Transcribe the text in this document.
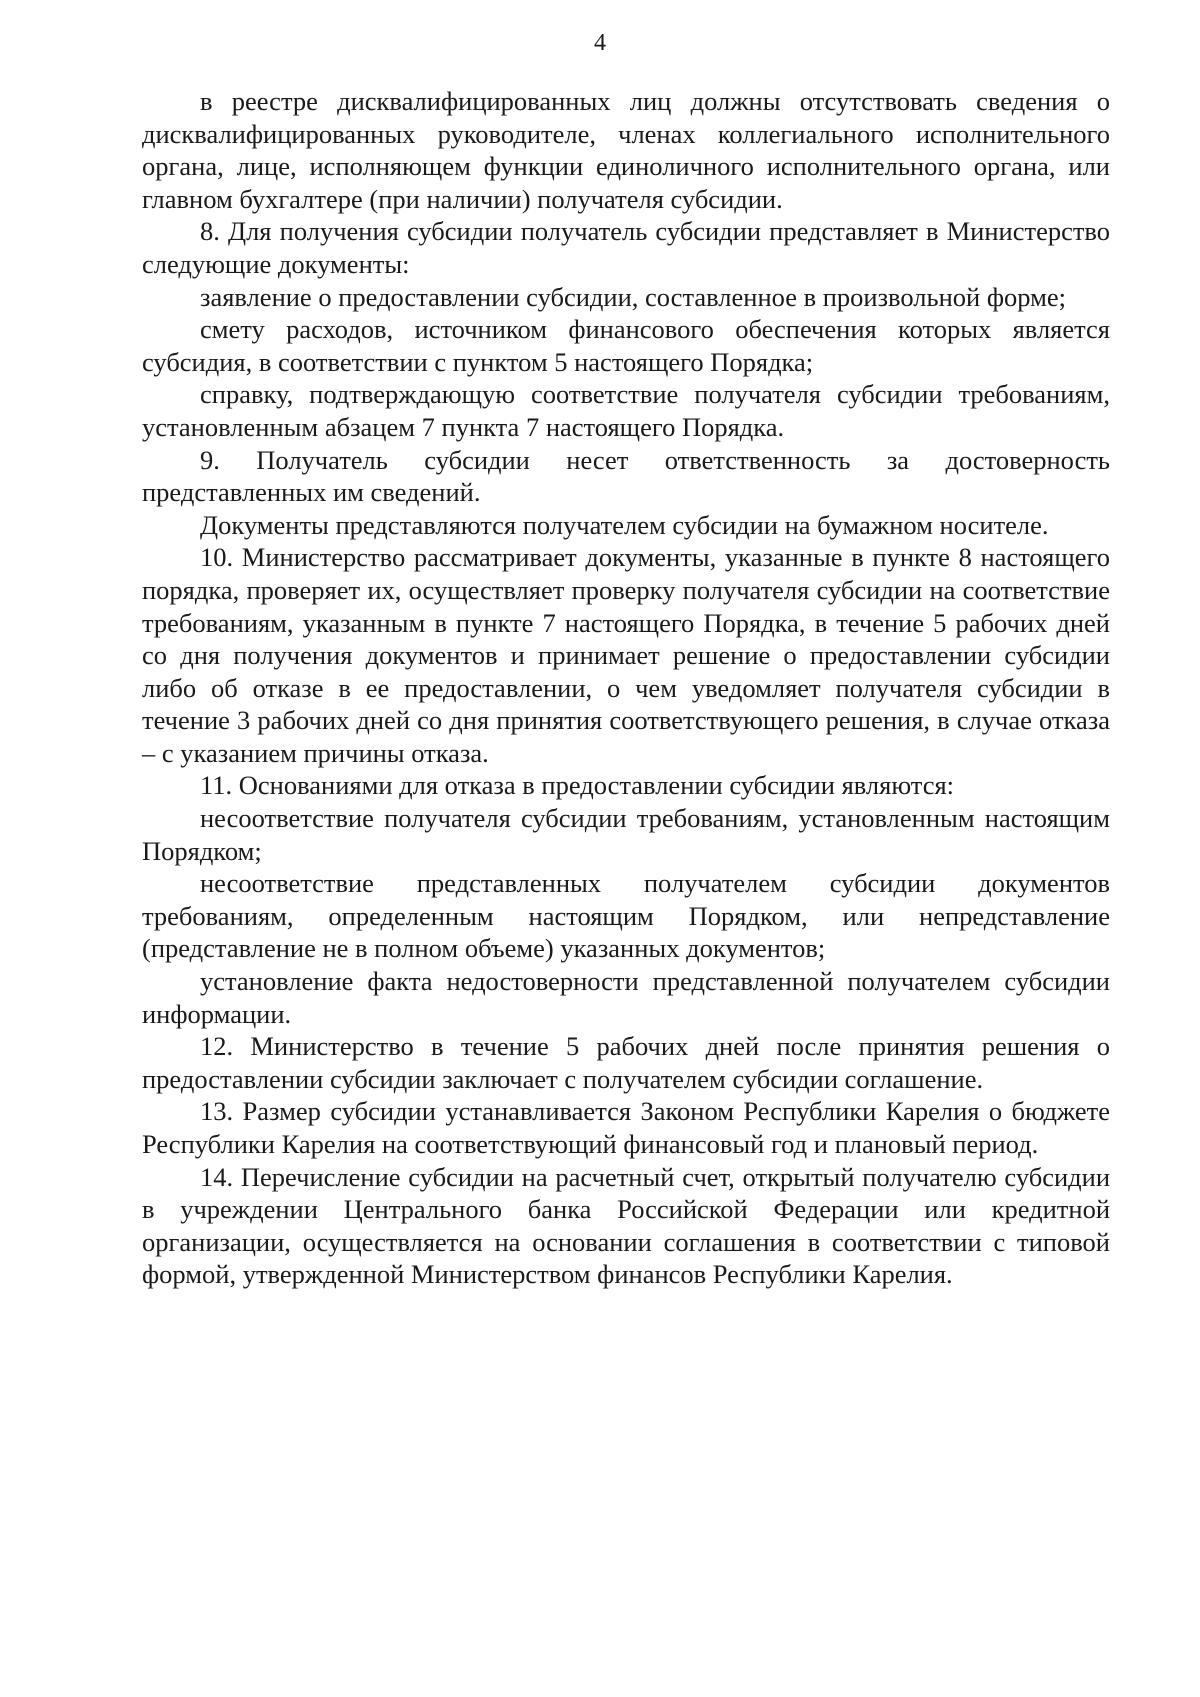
4

в реестре дисквалифицированных лиц должны отсутствовать сведения о дисквалифицированных руководителе, членах коллегиального исполнительного органа, лице, исполняющем функции единоличного исполнительного органа, или главном бухгалтере (при наличии) получателя субсидии.

8. Для получения субсидии получатель субсидии представляет в Министерство следующие документы:

заявление о предоставлении субсидии, составленное в произвольной форме;

смету расходов, источником финансового обеспечения которых является субсидия, в соответствии с пунктом 5 настоящего Порядка;

справку, подтверждающую соответствие получателя субсидии требованиям, установленным абзацем 7 пункта 7 настоящего Порядка.

9. Получатель субсидии несет ответственность за достоверность представленных им сведений.

Документы представляются получателем субсидии на бумажном носителе.

10. Министерство рассматривает документы, указанные в пункте 8 настоящего порядка, проверяет их, осуществляет проверку получателя субсидии на соответствие требованиям, указанным в пункте 7 настоящего Порядка, в течение 5 рабочих дней со дня получения документов и принимает решение о предоставлении субсидии либо об отказе в ее предоставлении, о чем уведомляет получателя субсидии в течение 3 рабочих дней со дня принятия соответствующего решения, в случае отказа – с указанием причины отказа.

11. Основаниями для отказа в предоставлении субсидии являются:

несоответствие получателя субсидии требованиям, установленным настоящим Порядком;

несоответствие представленных получателем субсидии документов требованиям, определенным настоящим Порядком, или непредставление (представление не в полном объеме) указанных документов;

установление факта недостоверности представленной получателем субсидии информации.

12. Министерство в течение 5 рабочих дней после принятия решения о предоставлении субсидии заключает с получателем субсидии соглашение.

13. Размер субсидии устанавливается Законом Республики Карелия о бюджете Республики Карелия на соответствующий финансовый год и плановый период.

14. Перечисление субсидии на расчетный счет, открытый получателю субсидии в учреждении Центрального банка Российской Федерации или кредитной организации, осуществляется на основании соглашения в соответствии с типовой формой, утвержденной Министерством финансов Республики Карелия.
